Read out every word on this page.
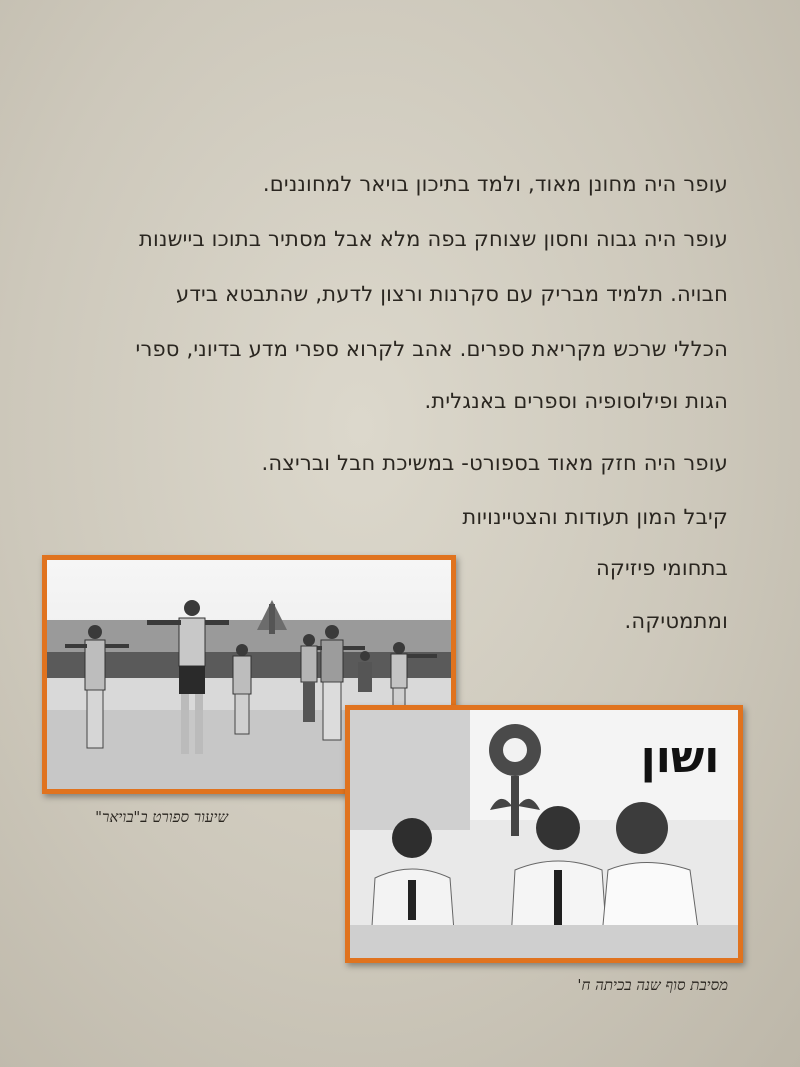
עופר היה מחונן מאוד, ולמד בתיכון בויאר למחוננים.
עופר היה גבוה וחסון שצוחק בפה מלא אבל מסתיר בתוכו ביישנות
חבויה. תלמיד מבריק עם סקרנות ורצון לדעת, שהתבטא בידע
הכללי שרכש מקריאת ספרים. אהב לקרוא ספרי מדע בדיוני, ספרי
הגות ופילוסופיה וספרים באנגלית.
עופר היה חזק מאוד בספורט- במשיכת חבל ובריצה.
קיבל המון תעודות והצטיינויות
בתחומי פיזיקה
ומתמטיקה.
שיעור ספורט ב"בויאר"
ושון
מסיבת סוף שנה בכיתה ח'
